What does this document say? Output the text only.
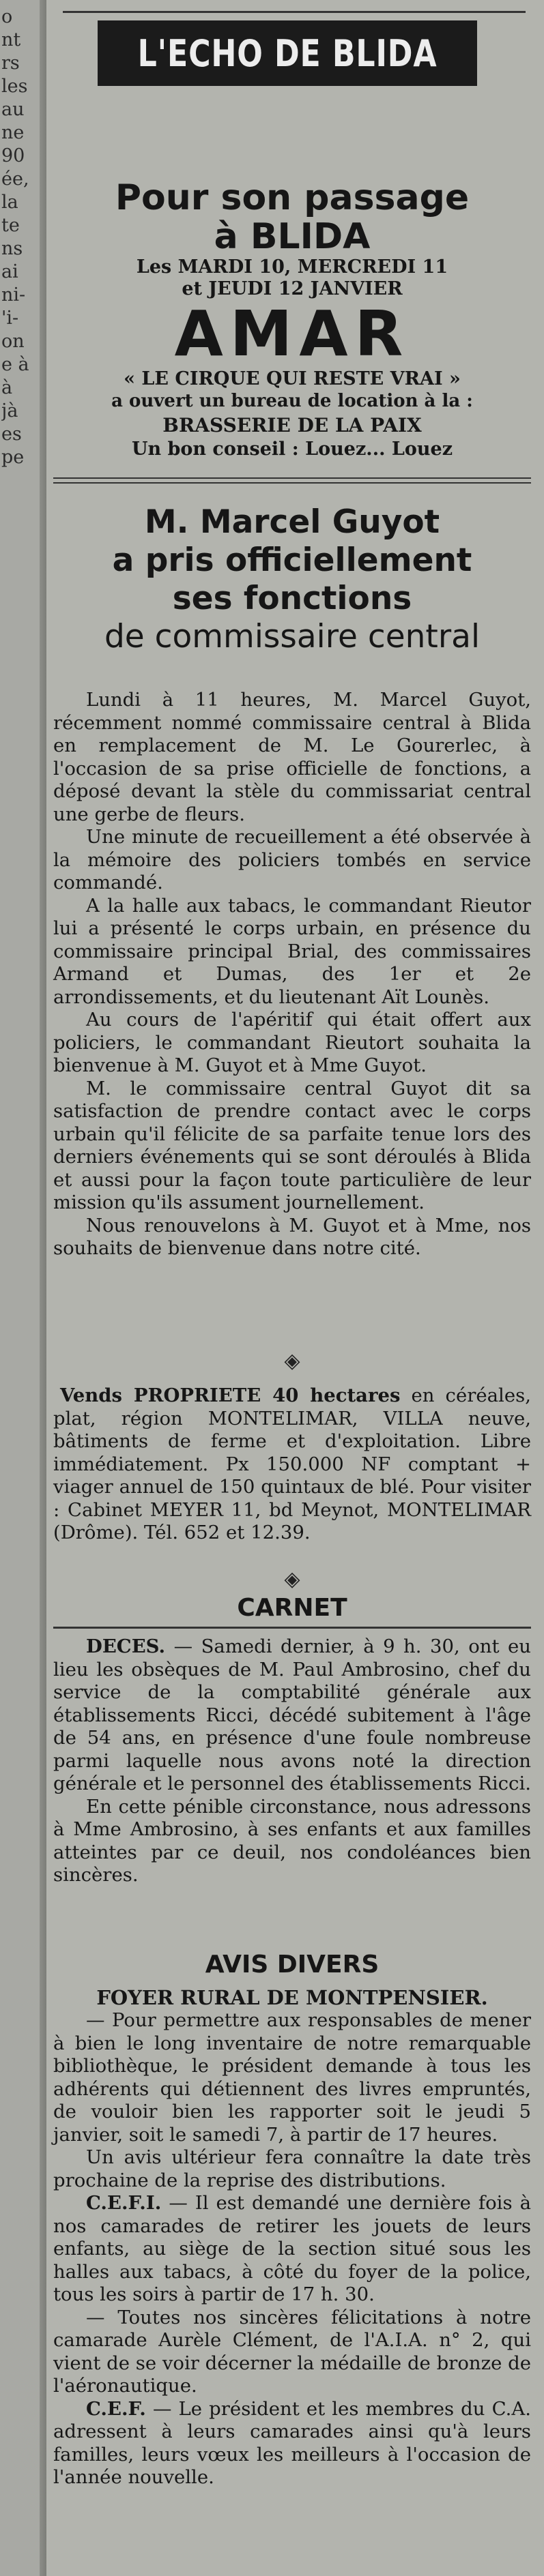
o
nt
rs
les
au
ne
90
ée,
la
te
ns
ai
ni-
'i-
on
e à
à
jà
es
pe
L'ECHO DE BLIDA
Pour son passage
à BLIDA
Les MARDI 10, MERCREDI 11
et JEUDI 12 JANVIER
AMAR
« LE CIRQUE QUI RESTE VRAI »
a ouvert un bureau de location à la :
BRASSERIE DE LA PAIX
Un bon conseil : Louez... Louez
M. Marcel Guyot
a pris officiellement
ses fonctions
de commissaire central

Lundi à 11 heures, M. Marcel Guyot, récemment nommé commissaire central à Blida en remplacement de M. Le Gourerlec, à l'occasion de sa prise officielle de fonctions, a déposé devant la stèle du commissariat central une gerbe de fleurs.

Une minute de recueillement a été observée à la mémoire des policiers tombés en service commandé.

A la halle aux tabacs, le commandant Rieutor lui a présenté le corps urbain, en présence du commissaire principal Brial, des commissaires Armand et Dumas, des 1er et 2e arrondissements, et du lieutenant Aït Lounès.

Au cours de l'apéritif qui était offert aux policiers, le commandant Rieutort souhaita la bienvenue à M. Guyot et à Mme Guyot.

M. le commissaire central Guyot dit sa satisfaction de prendre contact avec le corps urbain qu'il félicite de sa parfaite tenue lors des derniers événements qui se sont déroulés à Blida et aussi pour la façon toute particulière de leur mission qu'ils assument journellement.

Nous renouvelons à M. Guyot et à Mme, nos souhaits de bienvenue dans notre cité.

◈

Vends PROPRIETE 40 hectares en céréales, plat, région MONTELIMAR, VILLA neuve, bâtiments de ferme et d'exploitation. Libre immédiatement. Px 150.000 NF comptant + viager annuel de 150 quintaux de blé. Pour visiter : Cabinet MEYER 11, bd Meynot, MONTELIMAR (Drôme). Tél. 652 et 12.39.

◈
CARNET

DECES. — Samedi dernier, à 9 h. 30, ont eu lieu les obsèques de M. Paul Ambrosino, chef du service de la comptabilité générale aux établissements Ricci, décédé subitement à l'âge de 54 ans, en présence d'une foule nombreuse parmi laquelle nous avons noté la direction générale et le personnel des établissements Ricci.

En cette pénible circonstance, nous adressons à Mme Ambrosino, à ses enfants et aux familles atteintes par ce deuil, nos condoléances bien sincères.

AVIS DIVERS
FOYER RURAL DE MONTPENSIER.

— Pour permettre aux responsables de mener à bien le long inventaire de notre remarquable bibliothèque, le président demande à tous les adhérents qui détiennent des livres empruntés, de vouloir bien les rapporter soit le jeudi 5 janvier, soit le samedi 7, à partir de 17 heures.

Un avis ultérieur fera connaître la date très prochaine de la reprise des distributions.

C.E.F.I. — Il est demandé une dernière fois à nos camarades de retirer les jouets de leurs enfants, au siège de la section situé sous les halles aux tabacs, à côté du foyer de la police, tous les soirs à partir de 17 h. 30.

— Toutes nos sincères félicitations à notre camarade Aurèle Clément, de l'A.I.A. n° 2, qui vient de se voir décerner la médaille de bronze de l'aéronautique.

C.E.F. — Le président et les membres du C.A. adressent à leurs camarades ainsi qu'à leurs familles, leurs vœux les meilleurs à l'occasion de l'année nouvelle.
